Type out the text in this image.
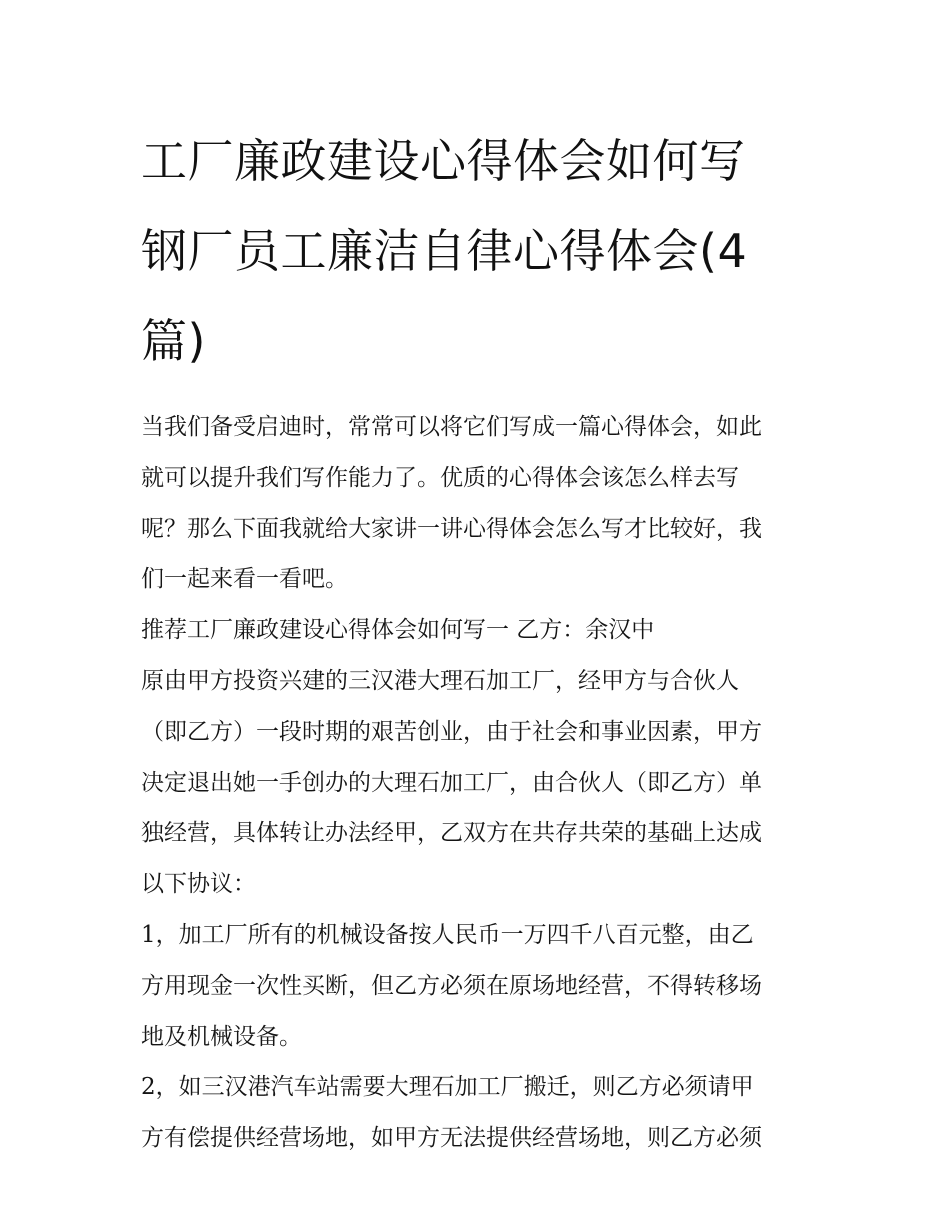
工厂廉政建设心得体会如何写
钢厂员工廉洁自律心得体会(4
篇)

当我们备受启迪时，常常可以将它们写成一篇心得体会，如此
就可以提升我们写作能力了。优质的心得体会该怎么样去写
呢？那么下面我就给大家讲一讲心得体会怎么写才比较好，我
们一起来看一看吧。

推荐工厂廉政建设心得体会如何写一 乙方：余汉中

原由甲方投资兴建的三汉港大理石加工厂，经甲方与合伙人
（即乙方）一段时期的艰苦创业，由于社会和事业因素，甲方
决定退出她一手创办的大理石加工厂，由合伙人（即乙方）单
独经营，具体转让办法经甲，乙双方在共存共荣的基础上达成
以下协议：

1，加工厂所有的机械设备按人民币一万四千八百元整，由乙
方用现金一次性买断，但乙方必须在原场地经营，不得转移场
地及机械设备。

2，如三汉港汽车站需要大理石加工厂搬迁，则乙方必须请甲
方有偿提供经营场地，如甲方无法提供经营场地，则乙方必须
